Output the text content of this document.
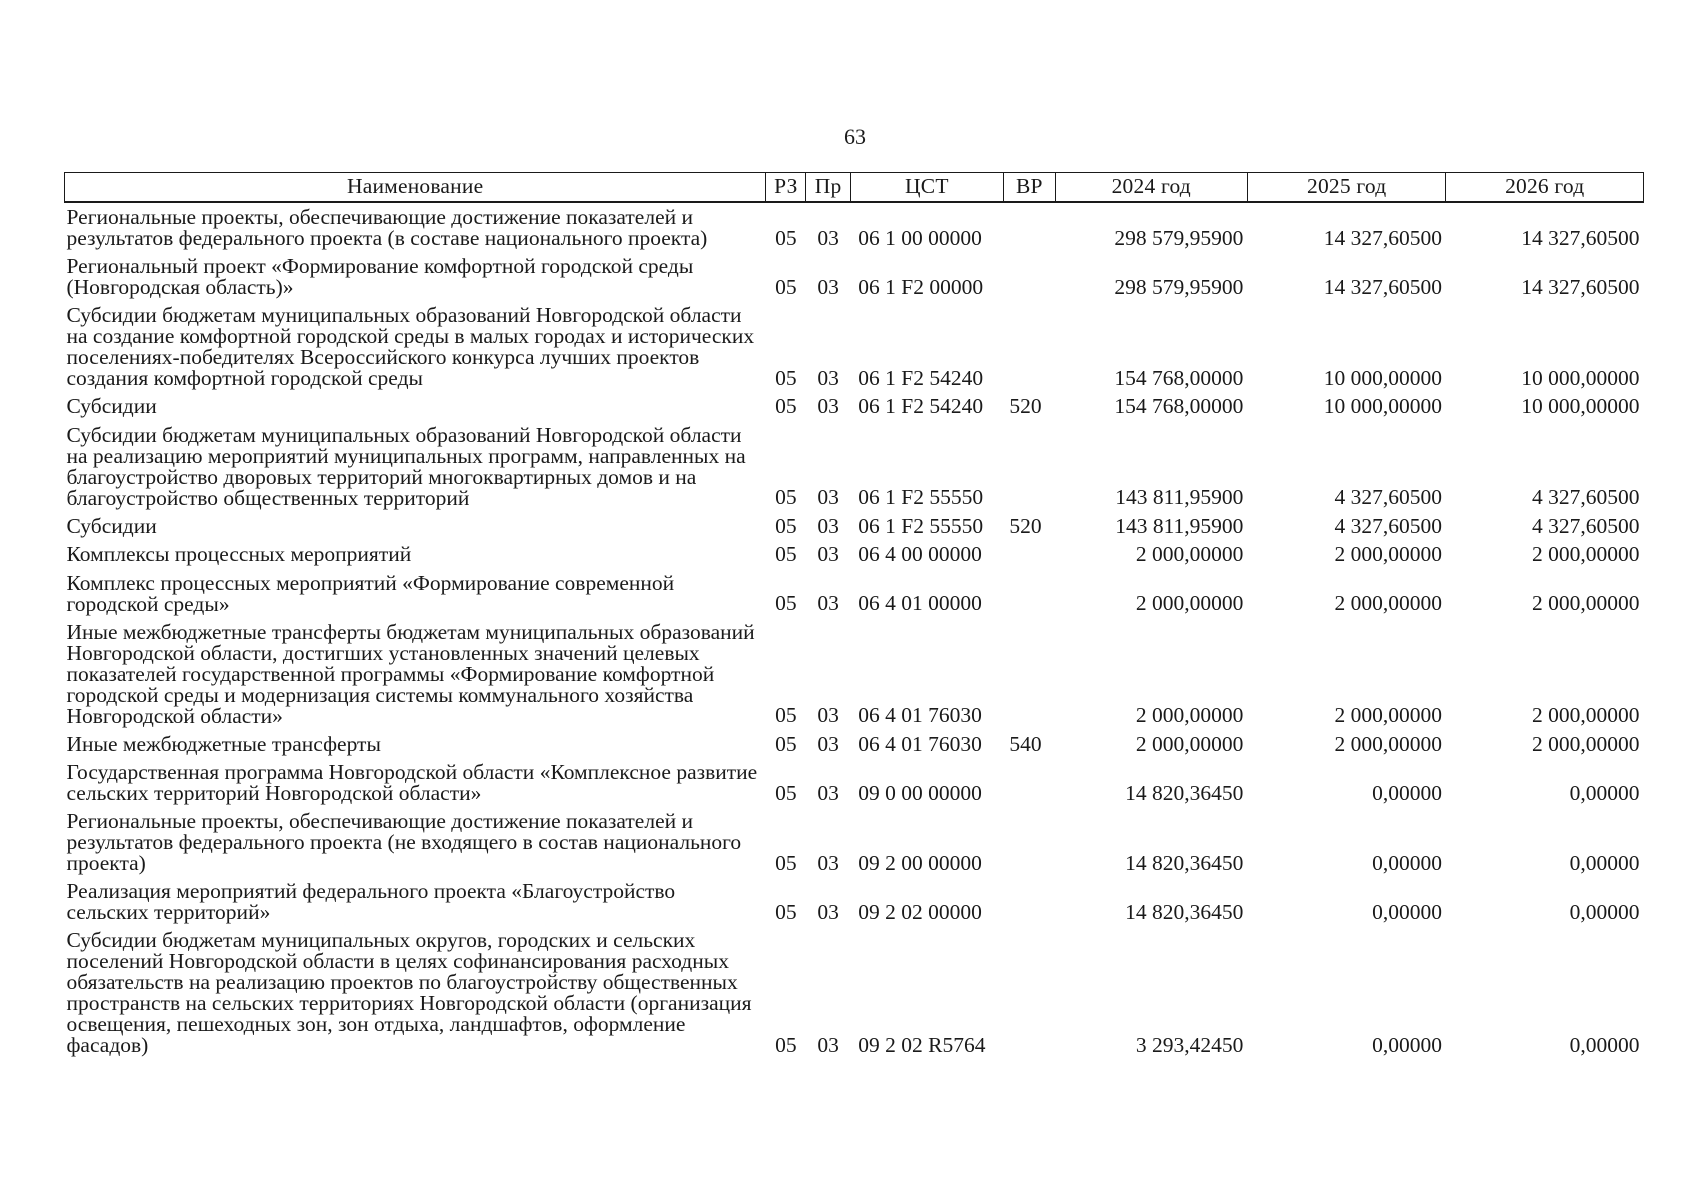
63
Наименование	РЗ	Пр	ЦСТ	ВР	2024 год	2025 год	2026 год
Региональные проекты, обеспечивающие достижение показателей и результатов федерального проекта (в составе национального проекта)	05	03	06 1 00 00000		298 579,95900	14 327,60500	14 327,60500
Региональный проект «Формирование комфортной городской среды (Новгородская область)»	05	03	06 1 F2 00000		298 579,95900	14 327,60500	14 327,60500
Субсидии бюджетам муниципальных образований Новгородской области на создание комфортной городской среды в малых городах и исторических поселениях-победителях Всероссийского конкурса лучших проектов создания комфортной городской среды	05	03	06 1 F2 54240		154 768,00000	10 000,00000	10 000,00000
Субсидии	05	03	06 1 F2 54240	520	154 768,00000	10 000,00000	10 000,00000
Субсидии бюджетам муниципальных образований Новгородской области на реализацию мероприятий муниципальных программ, направленных на благоустройство дворовых территорий многоквартирных домов и на благоустройство общественных территорий	05	03	06 1 F2 55550		143 811,95900	4 327,60500	4 327,60500
Субсидии	05	03	06 1 F2 55550	520	143 811,95900	4 327,60500	4 327,60500
Комплексы процессных мероприятий	05	03	06 4 00 00000		2 000,00000	2 000,00000	2 000,00000
Комплекс процессных мероприятий «Формирование современной городской среды»	05	03	06 4 01 00000		2 000,00000	2 000,00000	2 000,00000
Иные межбюджетные трансферты бюджетам муниципальных образований Новгородской области, достигших установленных значений целевых показателей государственной программы «Формирование комфортной городской среды и модернизация системы коммунального хозяйства Новгородской области»	05	03	06 4 01 76030		2 000,00000	2 000,00000	2 000,00000
Иные межбюджетные трансферты	05	03	06 4 01 76030	540	2 000,00000	2 000,00000	2 000,00000
Государственная программа Новгородской области «Комплексное развитие сельских территорий Новгородской области»	05	03	09 0 00 00000		14 820,36450	0,00000	0,00000
Региональные проекты, обеспечивающие достижение показателей и результатов федерального проекта (не входящего в состав национального проекта)	05	03	09 2 00 00000		14 820,36450	0,00000	0,00000
Реализация мероприятий федерального проекта «Благоустройство сельских территорий»	05	03	09 2 02 00000		14 820,36450	0,00000	0,00000
Субсидии бюджетам муниципальных округов, городских и сельских поселений Новгородской области в целях софинансирования расходных обязательств на реализацию проектов по благоустройству общественных пространств на сельских территориях Новгородской области (организация освещения, пешеходных зон, зон отдыха, ландшафтов, оформление фасадов)	05	03	09 2 02 R5764		3 293,42450	0,00000	0,00000
